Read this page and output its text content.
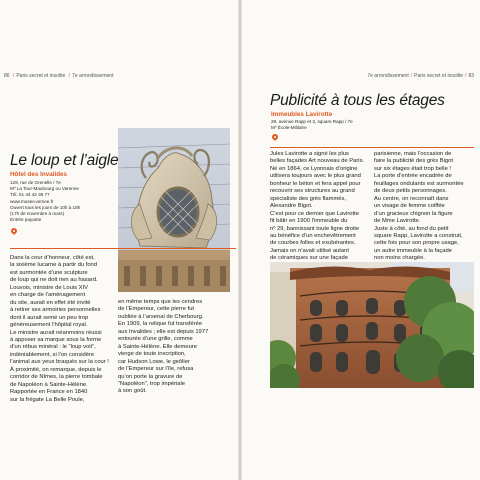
86 / Paris secret et insolite / 7e arrondissement
Le loup et l’aigle
Hôtel des Invalides
129, rue de Grenelle / 7e
Mº La Tour-Maubourg ou Varenne
Tél. 01 44 42 38 77
www.musee-armee.fr
Ouvert tous les jours de 10h à 18h
(17h de novembre à mars)
Entrée payante
Dans la cour d’honneur, côté est,
la sixième lucarne à partir du fond
est surmontée d’une sculpture
de loup qui ne doit rien au hasard.
Louvois, ministre de Louis XIV
en charge de l’aménagement
du site, aurait en effet été invité
à retirer ses armoiries personnelles
dont il aurait semé un peu trop
généreusement l’hôpital royal.
Le ministre aurait néanmoins réussi
à apposer sa marque sous la forme
d’un rébus minéral : le “loup voit”,
indéniablement, si l’on considère
l’animal aux yeux braqués sur la cour !
À proximité, on remarque, depuis le
corridor de Nîmes, la pierre tombale
de Napoléon à Sainte-Hélène.
Rapportée en France en 1840
sur la frégate La Belle Poule,
en même temps que les cendres
de l’Empereur, cette pierre fut
oubliée à l’arsenal de Cherbourg.
En 1909, la relique fut transférée
aux Invalides ; elle est depuis 1977
entourée d’une grille, comme
à Sainte-Hélène. Elle demeure
vierge de toute inscription,
car Hudson Lowe, le geôlier
de l’Empereur sur l’île, refusa
qu’on porte la gravure de
“Napoléon”, trop impériale
à son goût.
7e arrondissement / Paris secret et insolite / 83
Publicité à tous les étages
Immeubles Lavirotte
29, avenue Rapp et 3, square Rapp / 7e
Mº École-Militaire
Jules Lavirotte a signé les plus
belles façades Art nouveau de Paris.
Né en 1864, ce Lyonnais d’origine
utilisera toujours avec le plus grand
bonheur le béton et fera appel pour
recouvrir ses structures au grand
spécialiste des grès flammés,
Alexandre Bigot.
C’est pour ce dernier que Lavirotte
fit bâtir en 1900 l’immeuble du
nº 29, bannissant toute ligne droite
au bénéfice d’un enchevêtrement
de courbes folles et exubérantes.
Jamais on n’avait utilisé autant
de céramiques sur une façade
parisienne, mais l’occasion de
faire la publicité des grès Bigot
sur six étages était trop belle !
La porte d’entrée encadrée de
feuillages ondulants est surmontée
de deux petits personnages.
Au centre, on reconnaît dans
un visage de femme coiffée
d’un gracieux chignon la figure
de Mme Lavirotte.
Juste à côté, au fond du petit
square Rapp, Lavirotte a construit,
cette fois pour son propre usage,
un autre immeuble à la façade
non moins chargée.
